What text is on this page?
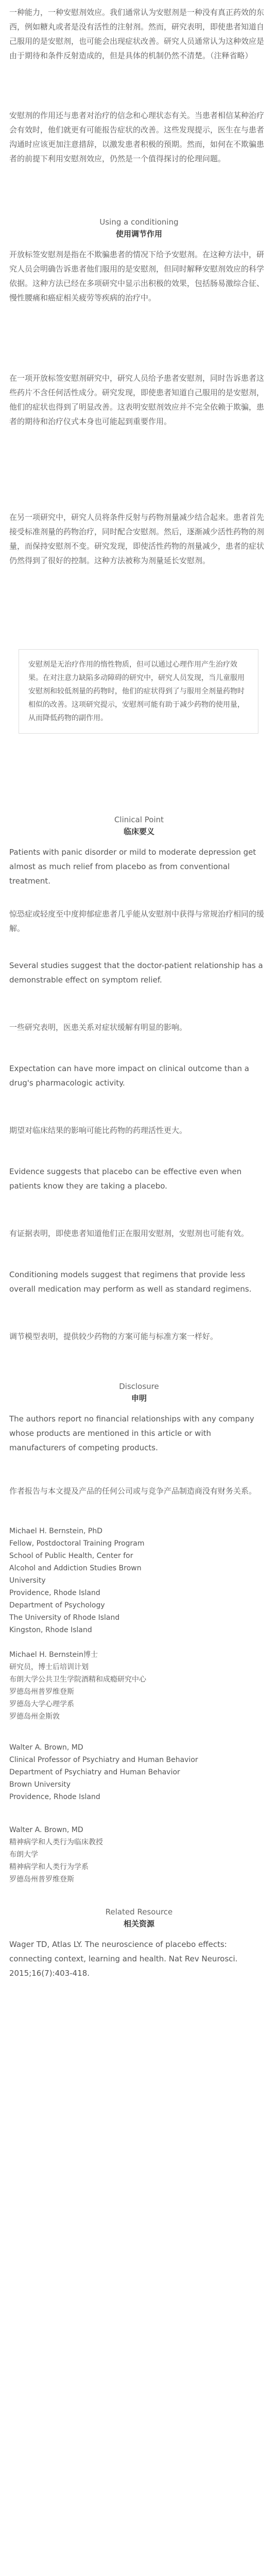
一种能力，一种安慰剂效应。我们通常认为安慰剂是一种没有真正药效的东西，例如糖丸或者是没有活性的注射剂。然而，研究表明，即使患者知道自己服用的是安慰剂，也可能会出现症状改善。研究人员通常认为这种效应是由于期待和条件反射造成的，但是具体的机制仍然不清楚。（注释省略）
安慰剂的作用还与患者对治疗的信念和心理状态有关。当患者相信某种治疗会有效时，他们就更有可能报告症状的改善。这些发现提示，医生在与患者沟通时应该更加注意措辞，以激发患者积极的预期。然而，如何在不欺骗患者的前提下利用安慰剂效应，仍然是一个值得探讨的伦理问题。
Using a conditioning
使用调节作用
开放标签安慰剂是指在不欺骗患者的情况下给予安慰剂。在这种方法中，研究人员会明确告诉患者他们服用的是安慰剂，但同时解释安慰剂效应的科学依据。这种方法已经在多项研究中显示出积极的效果，包括肠易激综合征、慢性腰痛和癌症相关疲劳等疾病的治疗中。
在一项开放标签安慰剂研究中，研究人员给予患者安慰剂，同时告诉患者这些药片不含任何活性成分。研究发现，即使患者知道自己服用的是安慰剂，他们的症状也得到了明显改善。这表明安慰剂效应并不完全依赖于欺骗，患者的期待和治疗仪式本身也可能起到重要作用。
在另一项研究中，研究人员将条件反射与药物剂量减少结合起来。患者首先接受标准剂量的药物治疗，同时配合安慰剂。然后，逐渐减少活性药物的剂量，而保持安慰剂不变。研究发现，即使活性药物的剂量减少，患者的症状仍然得到了很好的控制。这种方法被称为剂量延长安慰剂。
安慰剂是无治疗作用的惰性物质，但可以通过心理作用产生治疗效果。在对注意力缺陷多动障碍的研究中，研究人员发现，当儿童服用安慰剂和较低剂量的药物时，他们的症状得到了与服用全剂量药物时相似的改善。这项研究提示，安慰剂可能有助于减少药物的使用量，从而降低药物的副作用。
Clinical Point
临床要义
Patients with panic disorder or mild to moderate depression get almost as much relief from placebo as from conventional treatment.
惊恐症或轻度至中度抑郁症患者几乎能从安慰剂中获得与常规治疗相同的缓解。
Several studies suggest that the doctor-patient relationship has a demonstrable effect on symptom relief.
一些研究表明，医患关系对症状缓解有明显的影响。
Expectation can have more impact on clinical outcome than a drug's pharmacologic activity.
期望对临床结果的影响可能比药物的药理活性更大。
Evidence suggests that placebo can be effective even when patients know they are taking a placebo.
有证据表明，即使患者知道他们正在服用安慰剂，安慰剂也可能有效。
Conditioning models suggest that regimens that provide less overall medication may perform as well as standard regimens.
调节模型表明，提供较少药物的方案可能与标准方案一样好。
Disclosure
申明
The authors report no financial relationships with any company whose products are mentioned in this article or with manufacturers of competing products.
作者报告与本文提及产品的任何公司或与竞争产品制造商没有财务关系。
Michael H. Bernstein, PhD
Fellow, Postdoctoral Training Program
School of Public Health, Center for
Alcohol and Addiction Studies Brown
University
Providence, Rhode Island
Department of Psychology
The University of Rhode Island
Kingston, Rhode Island
Michael H. Bernstein博士
研究员，博士后培训计划
布朗大学公共卫生学院酒精和成瘾研究中心
罗德岛州普罗维登斯
罗德岛大学心理学系
罗德岛州金斯敦
Walter A. Brown, MD
Clinical Professor of Psychiatry and Human Behavior
Department of Psychiatry and Human Behavior
Brown University
Providence, Rhode Island
Walter A. Brown, MD
精神病学和人类行为临床教授
布朗大学
精神病学和人类行为学系
罗德岛州普罗维登斯
Related Resource
相关资源
Wager TD, Atlas LY. The neuroscience of placebo effects: connecting context, learning and health. Nat Rev Neurosci. 2015;16(7):403-418.
